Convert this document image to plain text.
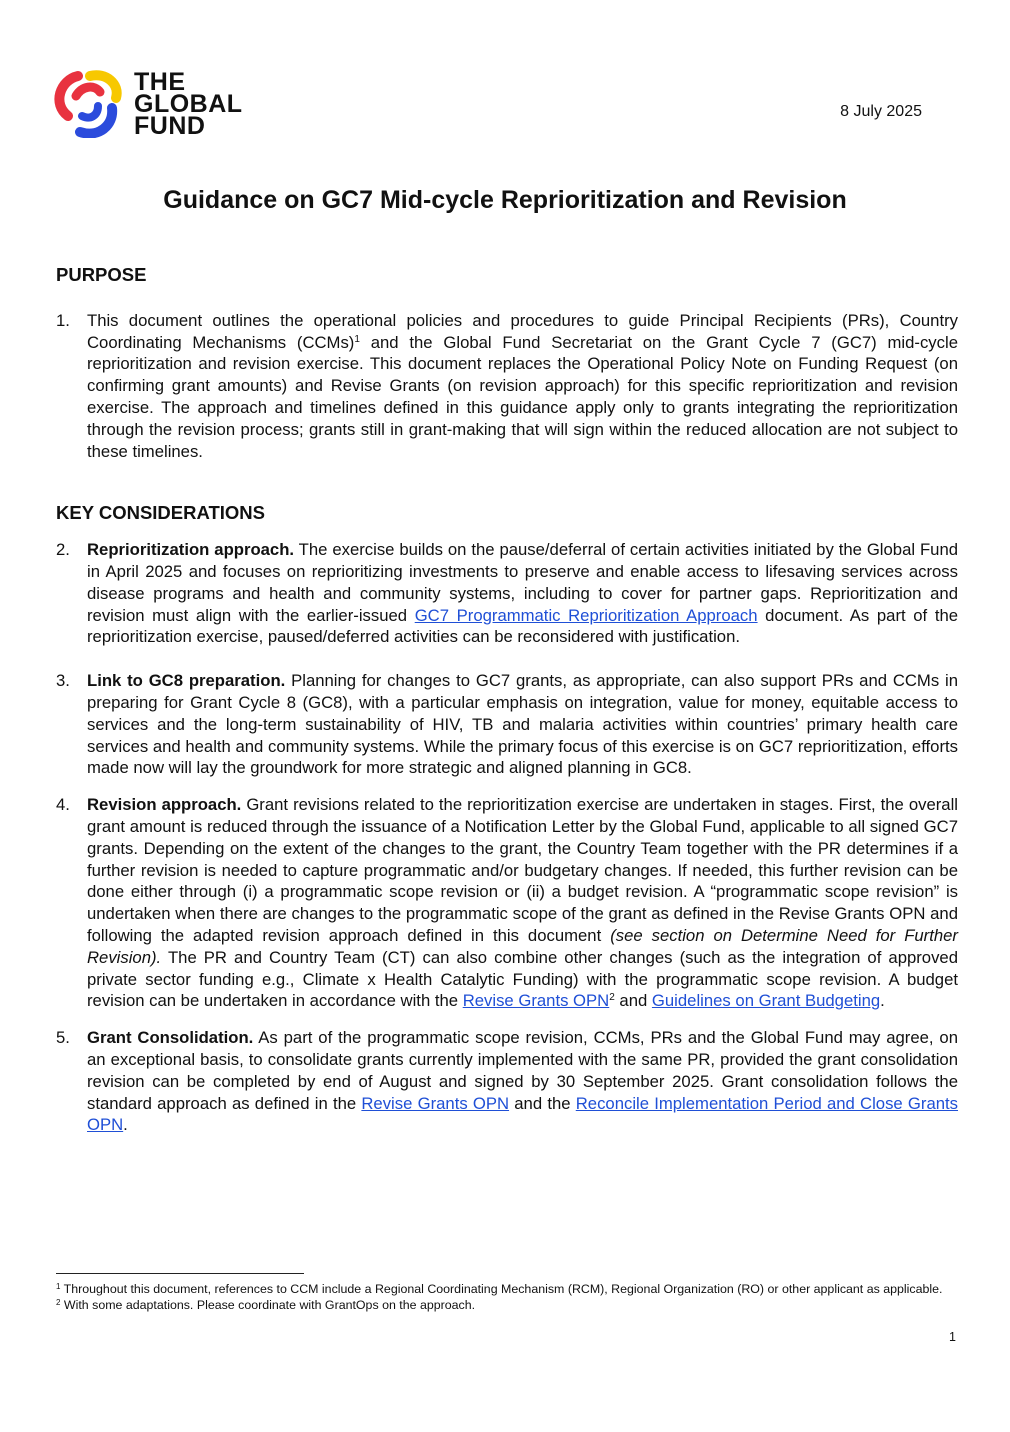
THE
GLOBAL
FUND
8 July 2025
Guidance on GC7 Mid-cycle Reprioritization and Revision
PURPOSE
1.	This document outlines the operational policies and procedures to guide Principal Recipients (PRs), Country Coordinating Mechanisms (CCMs)$^1$ and the Global Fund Secretariat on the Grant Cycle 7 (GC7) mid-cycle reprioritization and revision exercise. This document replaces the Operational Policy Note on Funding Request (on confirming grant amounts) and Revise Grants (on revision approach) for this specific reprioritization and revision exercise. The approach and timelines defined in this guidance apply only to grants integrating the reprioritization through the revision process; grants still in grant-making that will sign within the reduced allocation are not subject to these timelines.
KEY CONSIDERATIONS
2.	Reprioritization approach. The exercise builds on the pause/deferral of certain activities initiated by the Global Fund in April 2025 and focuses on reprioritizing investments to preserve and enable access to lifesaving services across disease programs and health and community systems, including to cover for partner gaps. Reprioritization and revision must align with the earlier-issued GC7 Programmatic Reprioritization Approach document. As part of the reprioritization exercise, paused/deferred activities can be reconsidered with justification.
3.	Link to GC8 preparation. Planning for changes to GC7 grants, as appropriate, can also support PRs and CCMs in preparing for Grant Cycle 8 (GC8), with a particular emphasis on integration, value for money, equitable access to services and the long-term sustainability of HIV, TB and malaria activities within countries’ primary health care services and health and community systems. While the primary focus of this exercise is on GC7 reprioritization, efforts made now will lay the groundwork for more strategic and aligned planning in GC8.
4.	Revision approach. Grant revisions related to the reprioritization exercise are undertaken in stages. First, the overall grant amount is reduced through the issuance of a Notification Letter by the Global Fund, applicable to all signed GC7 grants. Depending on the extent of the changes to the grant, the Country Team together with the PR determines if a further revision is needed to capture programmatic and/or budgetary changes. If needed, this further revision can be done either through (i) a programmatic scope revision or (ii) a budget revision. A “programmatic scope revision” is undertaken when there are changes to the programmatic scope of the grant as defined in the Revise Grants OPN and following the adapted revision approach defined in this document (see section on Determine Need for Further Revision). The PR and Country Team (CT) can also combine other changes (such as the integration of approved private sector funding e.g., Climate x Health Catalytic Funding) with the programmatic scope revision. A budget revision can be undertaken in accordance with the Revise Grants OPN$^2$ and Guidelines on Grant Budgeting.
5.	Grant Consolidation. As part of the programmatic scope revision, CCMs, PRs and the Global Fund may agree, on an exceptional basis, to consolidate grants currently implemented with the same PR, provided the grant consolidation revision can be completed by end of August and signed by 30 September 2025. Grant consolidation follows the standard approach as defined in the Revise Grants OPN and the Reconcile Implementation Period and Close Grants OPN.
$^1$ Throughout this document, references to CCM include a Regional Coordinating Mechanism (RCM), Regional Organization (RO) or other applicant as applicable.
$^2$ With some adaptations. Please coordinate with GrantOps on the approach.
1
